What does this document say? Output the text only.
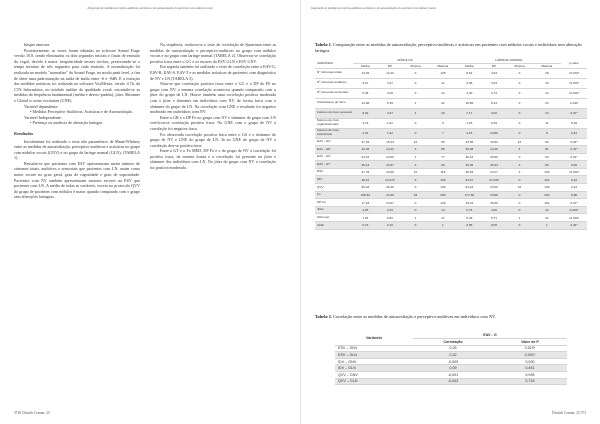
Integração de medidas perceptivo-auditivas, acústicas e de autoavaliação em pacientes com nódulos vocais

bitsper amostra.

Posteriormente, as vozes foram editadas no software Sound Forge versão 10.0, sendo eliminados os dois segundos iniciais e finais de emissão da vogal, devido à maior irregularidade nesses trechos, preservando-se o tempo mínimo de três segundos para cada emissão. A normalização foi realizada no modelo "normalize" do Sound Forge, no modo peak level, a fim de obter uma padronização na saída de áudio entre -6 e -9dB. E a extração das medidas acústicas foi realizada no software VoxMetria, versão 4.7h, da CTS Informática, no módulo análise da qualidade vocal, extraindo-se as medidas da frequência fundamental (média e desvio-padrão), jitter, Shimmer e Glottal to noise excitation (GNE).

Variável dependente:

• Medidas Perceptivo-Auditivas, Acústicas e de Autoavaliação.

Variável Independente:

• Presença ou ausência de alteração laríngea.

Resultados

Inicialmente foi realizado o teste não paramétrico de Mann-Whitney entre as medidas de autoavaliação, perceptivo-auditivas e acústicas no grupo com nódulos vocais (GNV) e no grupo de laringe normal (GLN), (TABELA 1).

Ressalta-se que pacientes com ESV apresentaram maior número de sintomas totais, auditivos e sensoriais que pacientes com LN, assim como maior escore no grau geral, grau de rugosidade e grau de soprosidade. Pacientes com NV também apresentaram maiores escores na ESV que pacientes com LN. A média de todas as variáveis, exceto no protocolo QVV do grupo de pacientes com nódulos é maior quando comparado com o grupo sem alterações laríngeas.

Na sequência, realizou-se o teste de correlação de Spearman entre as medidas de autoavaliação e perceptivo-auditivas no grupo com nódulos vocais e no grupo com laringe normal (TABELA 2). Observou-se correlação positiva fraca entre o GG e os escores da ESV GLN e ESV GNV.

Em seguida também foi realizado o teste de correlação entre a EAV-G, EAV-R, EAV-S, EAV-T e as medidas acústicas de pacientes com diagnóstico de NV e LN (TABELA 3).

Nota-se que correlação positiva fraca entre o GG e o DP do F0 no grupo com NV, a mesma correlação aconteceu quando comparado com o jitter do grupo de LN. Houve também uma correlação positiva moderada com o jitter e shimmer em indivíduos com NV, de forma fraca com o shimmer do grupo de LN. Na correlação com GNE o resultado foi negativo moderado em indivíduos com NV.

Entre o GR e o DP Fo no grupo com NV e shimmer do grupo com LN verificou-se correlação positiva fraca. No GNE com o grupo de NV a correlação foi negativa fraca.

Foi observada correlação positiva fraca entre o GS e o shimmer do grupo de NV e GNE do grupo de LN. Já no GNE do grupo de NV a correlação deu-se positiva forte.

Entre o GT e o Fo MED, DP Fo e o do grupo de NV a correlação foi positiva fraca, da mesma forma e a correlação foi presente no jitter e shimmer dos indivíduos com LN. No jitter do grupo com NV a correlação foi positiva moderada.

3720 Distúrb Comun. 25
Integração de medidas perceptivo-auditivas, acústicas e de autoavaliação em pacientes com nódulos vocais
Tabela 1. Comparação entre as medidas de autoavaliação, perceptivo-auditivas e acústicas em pacientes com nódulos vocais e indivíduos sem alteração laríngea.
VARIÁVEIS	NÓDULOS				LARINGE NORMAL				p-valor
	Média	DP	Mínima	Máxima	Média	DP	Mínima	Máxima	
Nº sintomas totais	13,02	12,40	0	125	8,62	4,93	0	28	<0,001*
Nº sintomas auditivos	6,07	4,47	0	12	4,38	3,63	0	10	<0,001*
Nº sintomas sensoriais	6,48	3,26	0	12	4,30	2,74	0	12	<0,001*
Total fatores de risco	14,98	5,45	1	22	10,85	5,24	0	23	0,015
Fatores de risco pessoais	8,92	3,47	1	16	7,17	3,09	0	13	0,07*
Fatores de risco organizacionais	3,79	1,62	0	5	1,65	0,49	0	11	0,29
Fatores de risco ambientais	2,31	1,92	0	7	4,15	2,056	0	8	0,43
EAV - GG	47,49	15,44	16	95	43,55	10,52	12	93	0,02*
EAV - GR	42,46	14,42	3	85	38,48	14,48	4	81	0,01*
EAV - GS	24,15	24,09	1	77	36,43	29,90	0	93	0,01*
EAV - GT	26,14	15,97	3	96	36,36	26,43	3	80	0,69
ESV	47,78	24,68	10	118	35,69	23,27	2	100	<0,001*
IDV	48,22	24,376	3	159	44,57	27,295	0	119	0,23
QVV	59,18	26,40	0	100	64,24	23,56	16	100	0,24
Fo	196,62	22,96	63	283	177,38	23,88	0	263	0,98
DP Fo	17,18	24,07	0	129	15,15	39,50	0	161	0,07*
Jitter	2,05	2,29	0	13	0,76	4,06	0	12	0,001*
Shimmer	7,94	6,52	1	47	5,49	5,71	1	31	<0,001*
GNE	0,73	0,10	0	1	0,85	0,05	0	1	0,04*
Tabela 2. Correlação entre as medidas de autoavaliação e perceptivo-auditivas em indivíduos com NV.
Variáveis	EAV - G	
	Correlação	Valor de P
ESV – GNV	0,25	0,019*
ESV – GLN	0,32	0,001*
IDV – GNV	-0,009	0,930
IDV – GLN	0,09	0,451
QVV – GNV	-0,001	0,995
QVV – GLN	-0,043	0,715
Distúrb Comun. 25 373
